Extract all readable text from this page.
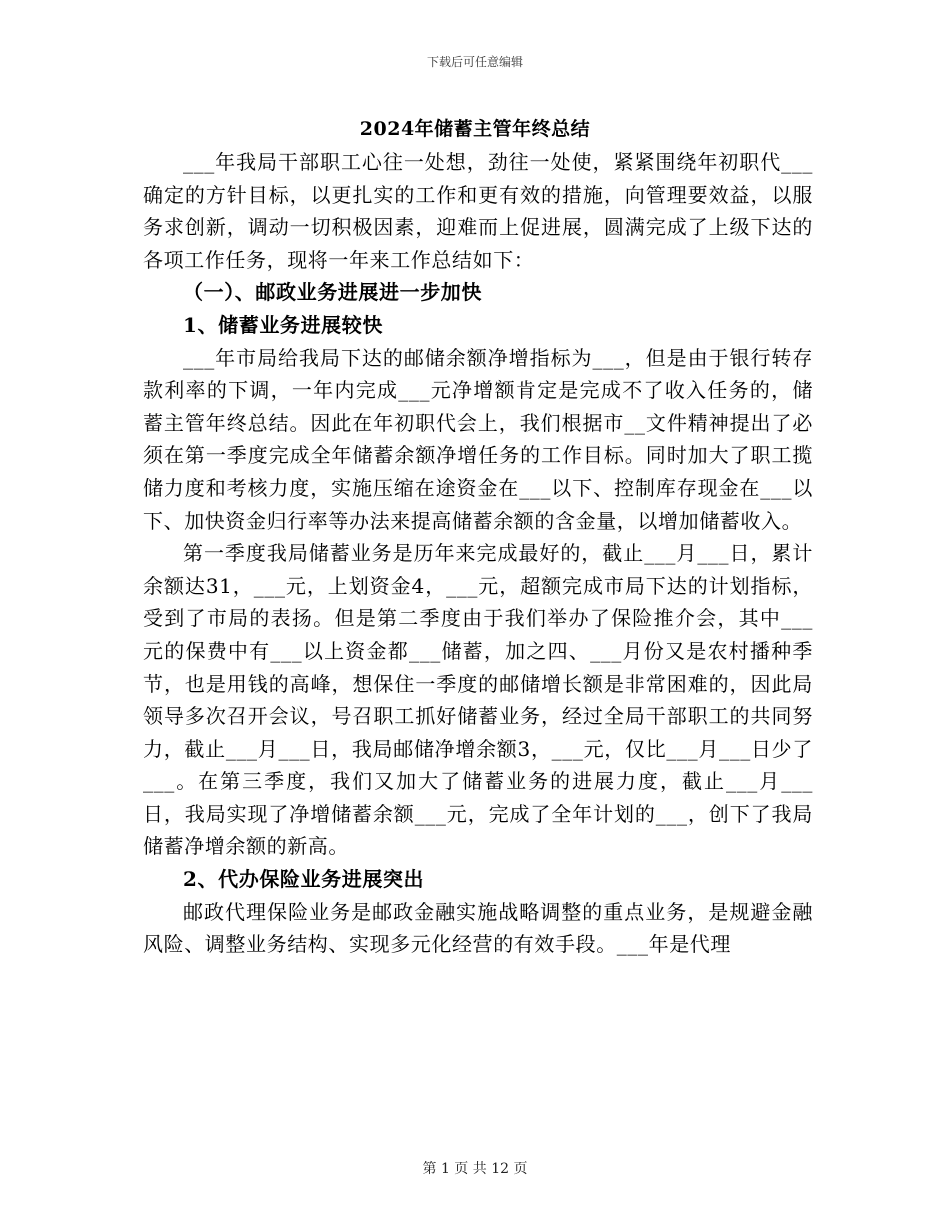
下载后可任意编辑
2024年储蓄主管年终总结

___年我局干部职工心往一处想，劲往一处使，紧紧围绕年初职代___确定的方针目标，以更扎实的工作和更有效的措施，向管理要效益，以服务求创新，调动一切积极因素，迎难而上促进展，圆满完成了上级下达的各项工作任务，现将一年来工作总结如下：

（一）、邮政业务进展进一步加快

1、储蓄业务进展较快

___年市局给我局下达的邮储余额净增指标为___，但是由于银行转存款利率的下调，一年内完成___元净增额肯定是完成不了收入任务的，储蓄主管年终总结。因此在年初职代会上，我们根据市__文件精神提出了必须在第一季度完成全年储蓄余额净增任务的工作目标。同时加大了职工揽储力度和考核力度，实施压缩在途资金在___以下、控制库存现金在___以下、加快资金归行率等办法来提高储蓄余额的含金量，以增加储蓄收入。

第一季度我局储蓄业务是历年来完成最好的，截止___月___日，累计余额达31，___元，上划资金4，___元，超额完成市局下达的计划指标，受到了市局的表扬。但是第二季度由于我们举办了保险推介会，其中___元的保费中有___以上资金都___储蓄，加之四、___月份又是农村播种季节，也是用钱的高峰，想保住一季度的邮储增长额是非常困难的，因此局领导多次召开会议，号召职工抓好储蓄业务，经过全局干部职工的共同努力，截止___月___日，我局邮储净增余额3，___元，仅比___月___日少了___。在第三季度，我们又加大了储蓄业务的进展力度，截止___月___日，我局实现了净增储蓄余额___元，完成了全年计划的___，创下了我局储蓄净增余额的新高。

2、代办保险业务进展突出

邮政代理保险业务是邮政金融实施战略调整的重点业务，是规避金融风险、调整业务结构、实现多元化经营的有效手段。___年是代理

第 1 页 共 12 页
